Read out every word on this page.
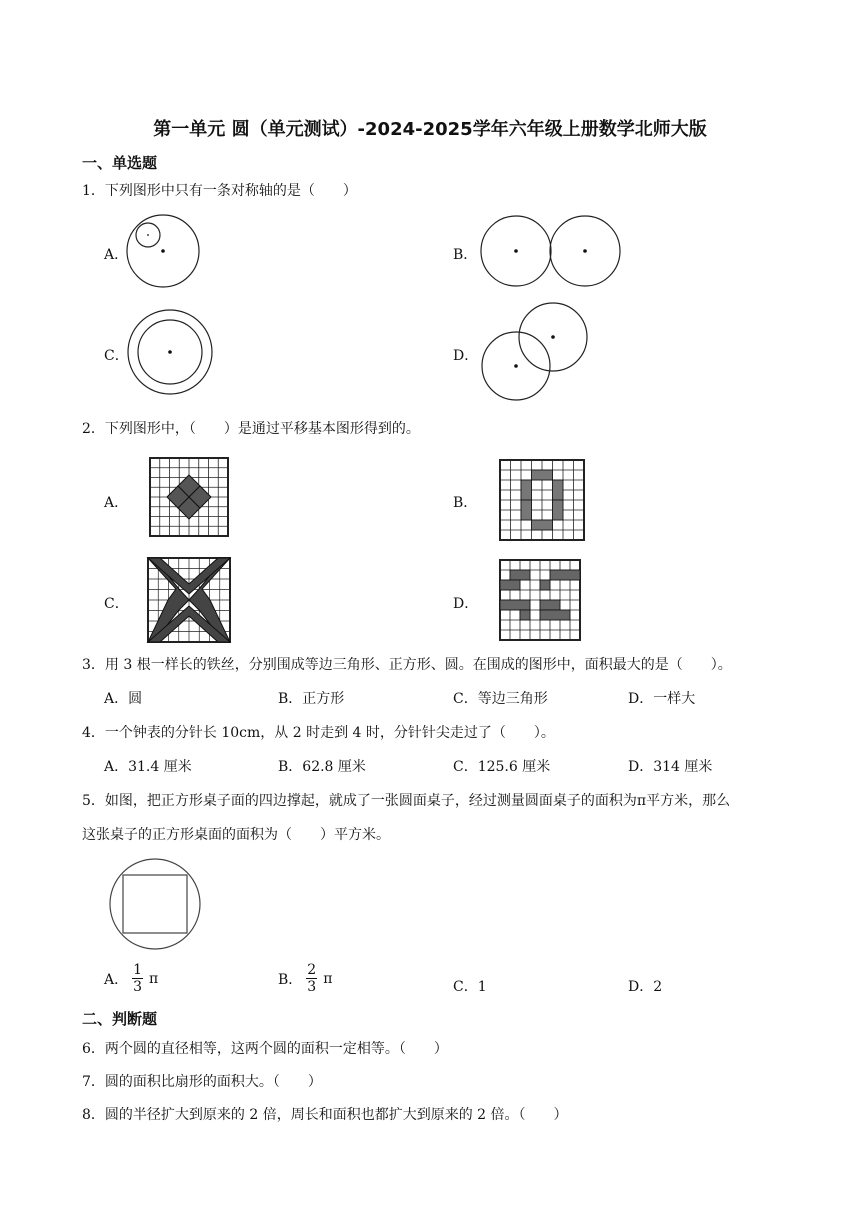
第一单元 圆（单元测试）-2024-2025学年六年级上册数学北师大版
一、单选题
1．下列图形中只有一条对称轴的是（　　）
A．	B．
C．	D．
2．下列图形中，（　　）是通过平移基本图形得到的。
A．	B．
C．	D．
3．用 3 根一样长的铁丝，分别围成等边三角形、正方形、圆。在围成的图形中，面积最大的是（　　）。
A．圆	B．正方形	C．等边三角形	D．一样大
4．一个钟表的分针长 10cm，从 2 时走到 4 时，分针针尖走过了（　　）。
A．31.4 厘米	B．62.8 厘米	C．125.6 厘米	D．314 厘米
5．如图，把正方形桌子面的四边撑起，就成了一张圆面桌子，经过测量圆面桌子的面积为π平方米，那么
这张桌子的正方形桌面的面积为（　　）平方米。
A． $\frac{1}{3}$ π	B． $\frac{2}{3}$ π
C．1	D．2
二、判断题
6．两个圆的直径相等，这两个圆的面积一定相等。（　　）
7．圆的面积比扇形的面积大。（　　）
8．圆的半径扩大到原来的 2 倍，周长和面积也都扩大到原来的 2 倍。（　　）
